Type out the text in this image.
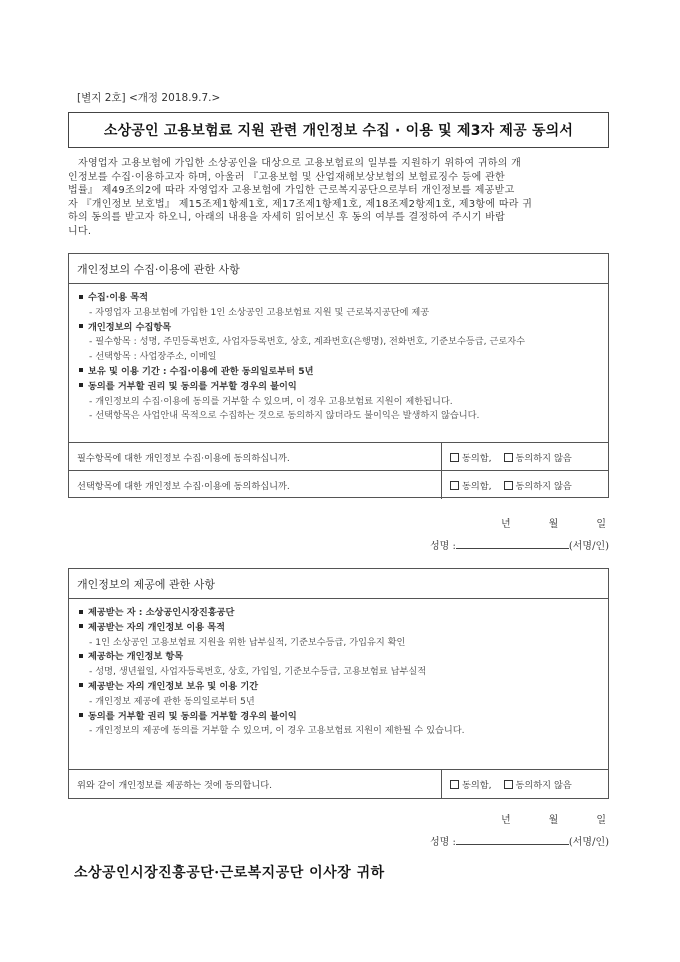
[별지 2호] <개정 2018.9.7.>
소상공인 고용보험료 지원 관련 개인정보 수집 · 이용 및 제3자 제공 동의서
자영업자 고용보험에 가입한 소상공인을 대상으로 고용보험료의 일부를 지원하기 위하여 귀하의 개
인정보를 수집·이용하고자 하며, 아울러 『고용보험 및 산업재해보상보험의 보험료징수 등에 관한
법률』 제49조의2에 따라 자영업자 고용보험에 가입한 근로복지공단으로부터 개인정보를 제공받고
자 『개인정보 보호법』 제15조제1항제1호, 제17조제1항제1호, 제18조제2항제1호, 제3항에 따라 귀
하의 동의를 받고자 하오니, 아래의 내용을 자세히 읽어보신 후 동의 여부를 결정하여 주시기 바랍
니다.
개인정보의 수집·이용에 관한 사항
수집·이용 목적
- 자영업자 고용보험에 가입한 1인 소상공인 고용보험료 지원 및 근로복지공단에 제공
개인정보의 수집항목
- 필수항목 : 성명, 주민등록번호, 사업자등록번호, 상호, 계좌번호(은행명), 전화번호, 기준보수등급, 근로자수
- 선택항목 : 사업장주소, 이메일
보유 및 이용 기간 : 수집·이용에 관한 동의일로부터 5년
동의를 거부할 권리 및 동의를 거부할 경우의 불이익
- 개인정보의 수집·이용에 동의를 거부할 수 있으며, 이 경우 고용보험료 지원이 제한됩니다.
- 선택항목은 사업안내 목적으로 수집하는 것으로 동의하지 않더라도 불이익은 발생하지 않습니다.
필수항목에 대한 개인정보 수집·이용에 동의하십니까.	동의함,	동의하지 않음
선택항목에 대한 개인정보 수집·이용에 동의하십니까.	동의함,	동의하지 않음
년	월	일
성명 :	(서명/인)
개인정보의 제공에 관한 사항
제공받는 자 : 소상공인시장진흥공단
제공받는 자의 개인정보 이용 목적
- 1인 소상공인 고용보험료 지원을 위한 납부실적, 기준보수등급, 가입유지 확인
제공하는 개인정보 항목
- 성명, 생년월일, 사업자등록번호, 상호, 가입일, 기준보수등급, 고용보험료 납부실적
제공받는 자의 개인정보 보유 및 이용 기간
- 개인정보 제공에 관한 동의일로부터 5년
동의를 거부할 권리 및 동의를 거부할 경우의 불이익
- 개인정보의 제공에 동의를 거부할 수 있으며, 이 경우 고용보험료 지원이 제한될 수 있습니다.
위와 같이 개인정보를 제공하는 것에 동의합니다.	동의함,	동의하지 않음
년	월	일
성명 :	(서명/인)
소상공인시장진흥공단·근로복지공단 이사장 귀하
